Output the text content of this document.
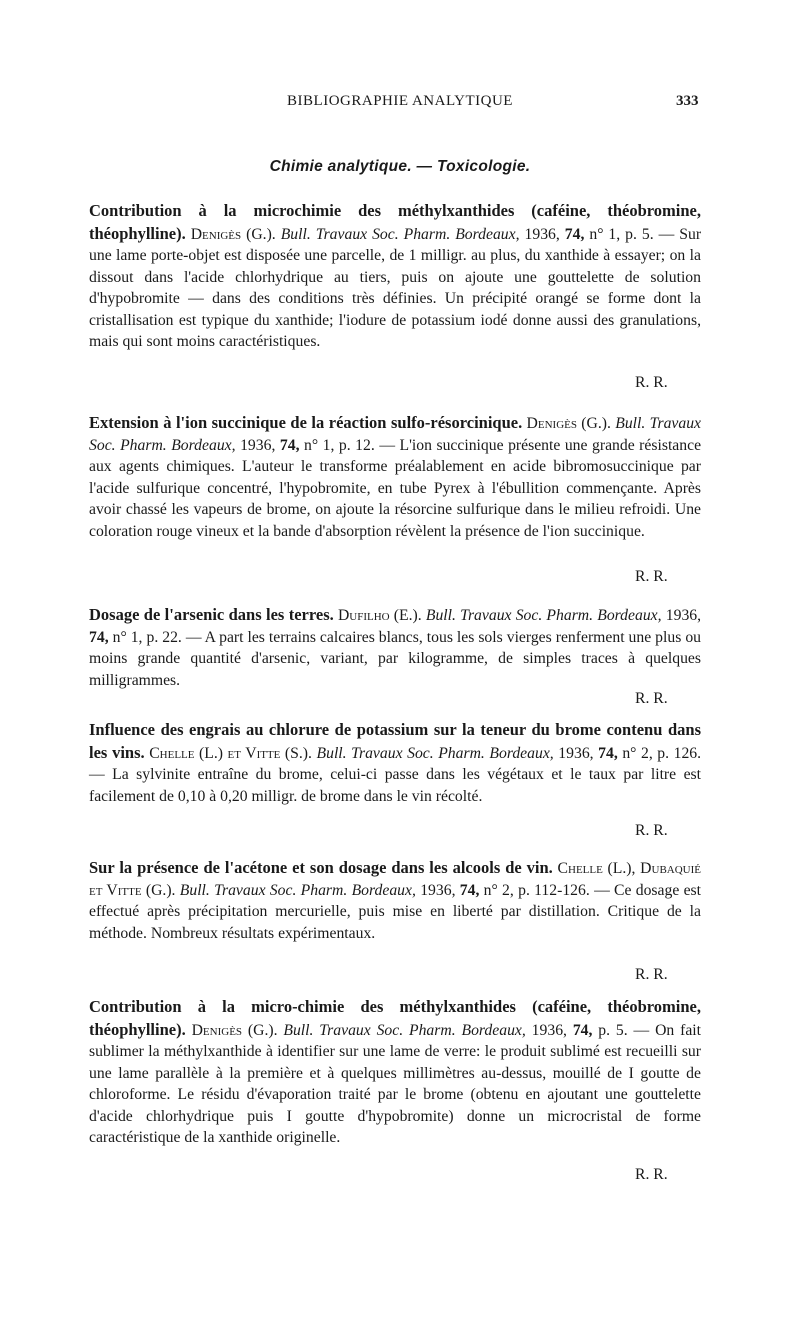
BIBLIOGRAPHIE ANALYTIQUE	333
Chimie analytique. — Toxicologie.
Contribution à la microchimie des méthylxanthides (caféine, théobromine, théophylline). Denigès (G.). Bull. Travaux Soc. Pharm. Bordeaux, 1936, 74, n° 1, p. 5. — Sur une lame porte-objet est disposée une parcelle, de 1 milligr. au plus, du xanthide à essayer; on la dissout dans l'acide chlorhydrique au tiers, puis on ajoute une gouttelette de solution d'hypobromite — dans des conditions très définies. Un précipité orangé se forme dont la cristallisation est typique du xanthide; l'iodure de potassium iodé donne aussi des granulations, mais qui sont moins caractéristiques.
R. R.
Extension à l'ion succinique de la réaction sulfo-résorcinique. Denigès (G.). Bull. Travaux Soc. Pharm. Bordeaux, 1936, 74, n° 1, p. 12. — L'ion succinique présente une grande résistance aux agents chimiques. L'auteur le transforme préalablement en acide bibromosuccinique par l'acide sulfurique concentré, l'hypobromite, en tube Pyrex à l'ébullition commençante. Après avoir chassé les vapeurs de brome, on ajoute la résorcine sulfurique dans le milieu refroidi. Une coloration rouge vineux et la bande d'absorption révèlent la présence de l'ion succinique.
R. R.
Dosage de l'arsenic dans les terres. Dufilho (E.). Bull. Travaux Soc. Pharm. Bordeaux, 1936, 74, n° 1, p. 22. — A part les terrains calcaires blancs, tous les sols vierges renferment une plus ou moins grande quantité d'arsenic, variant, par kilogramme, de simples traces à quelques milligrammes.
R. R.
Influence des engrais au chlorure de potassium sur la teneur du brome contenu dans les vins. Chelle (L.) et Vitte (S.). Bull. Travaux Soc. Pharm. Bordeaux, 1936, 74, n° 2, p. 126. — La sylvinite entraîne du brome, celui-ci passe dans les végétaux et le taux par litre est facilement de 0,10 à 0,20 milligr. de brome dans le vin récolté.
R. R.
Sur la présence de l'acétone et son dosage dans les alcools de vin. Chelle (L.), Dubaquié et Vitte (G.). Bull. Travaux Soc. Pharm. Bordeaux, 1936, 74, n° 2, p. 112-126. — Ce dosage est effectué après précipitation mercurielle, puis mise en liberté par distillation. Critique de la méthode. Nombreux résultats expérimentaux.
R. R.
Contribution à la micro-chimie des méthylxanthides (caféine, théobromine, théophylline). Denigès (G.). Bull. Travaux Soc. Pharm. Bordeaux, 1936, 74, p. 5. — On fait sublimer la méthylxanthide à identifier sur une lame de verre: le produit sublimé est recueilli sur une lame parallèle à la première et à quelques millimètres au-dessus, mouillé de I goutte de chloroforme. Le résidu d'évaporation traité par le brome (obtenu en ajoutant une gouttelette d'acide chlorhydrique puis I goutte d'hypobromite) donne un microcristal de forme caractéristique de la xanthide originelle.
R. R.
